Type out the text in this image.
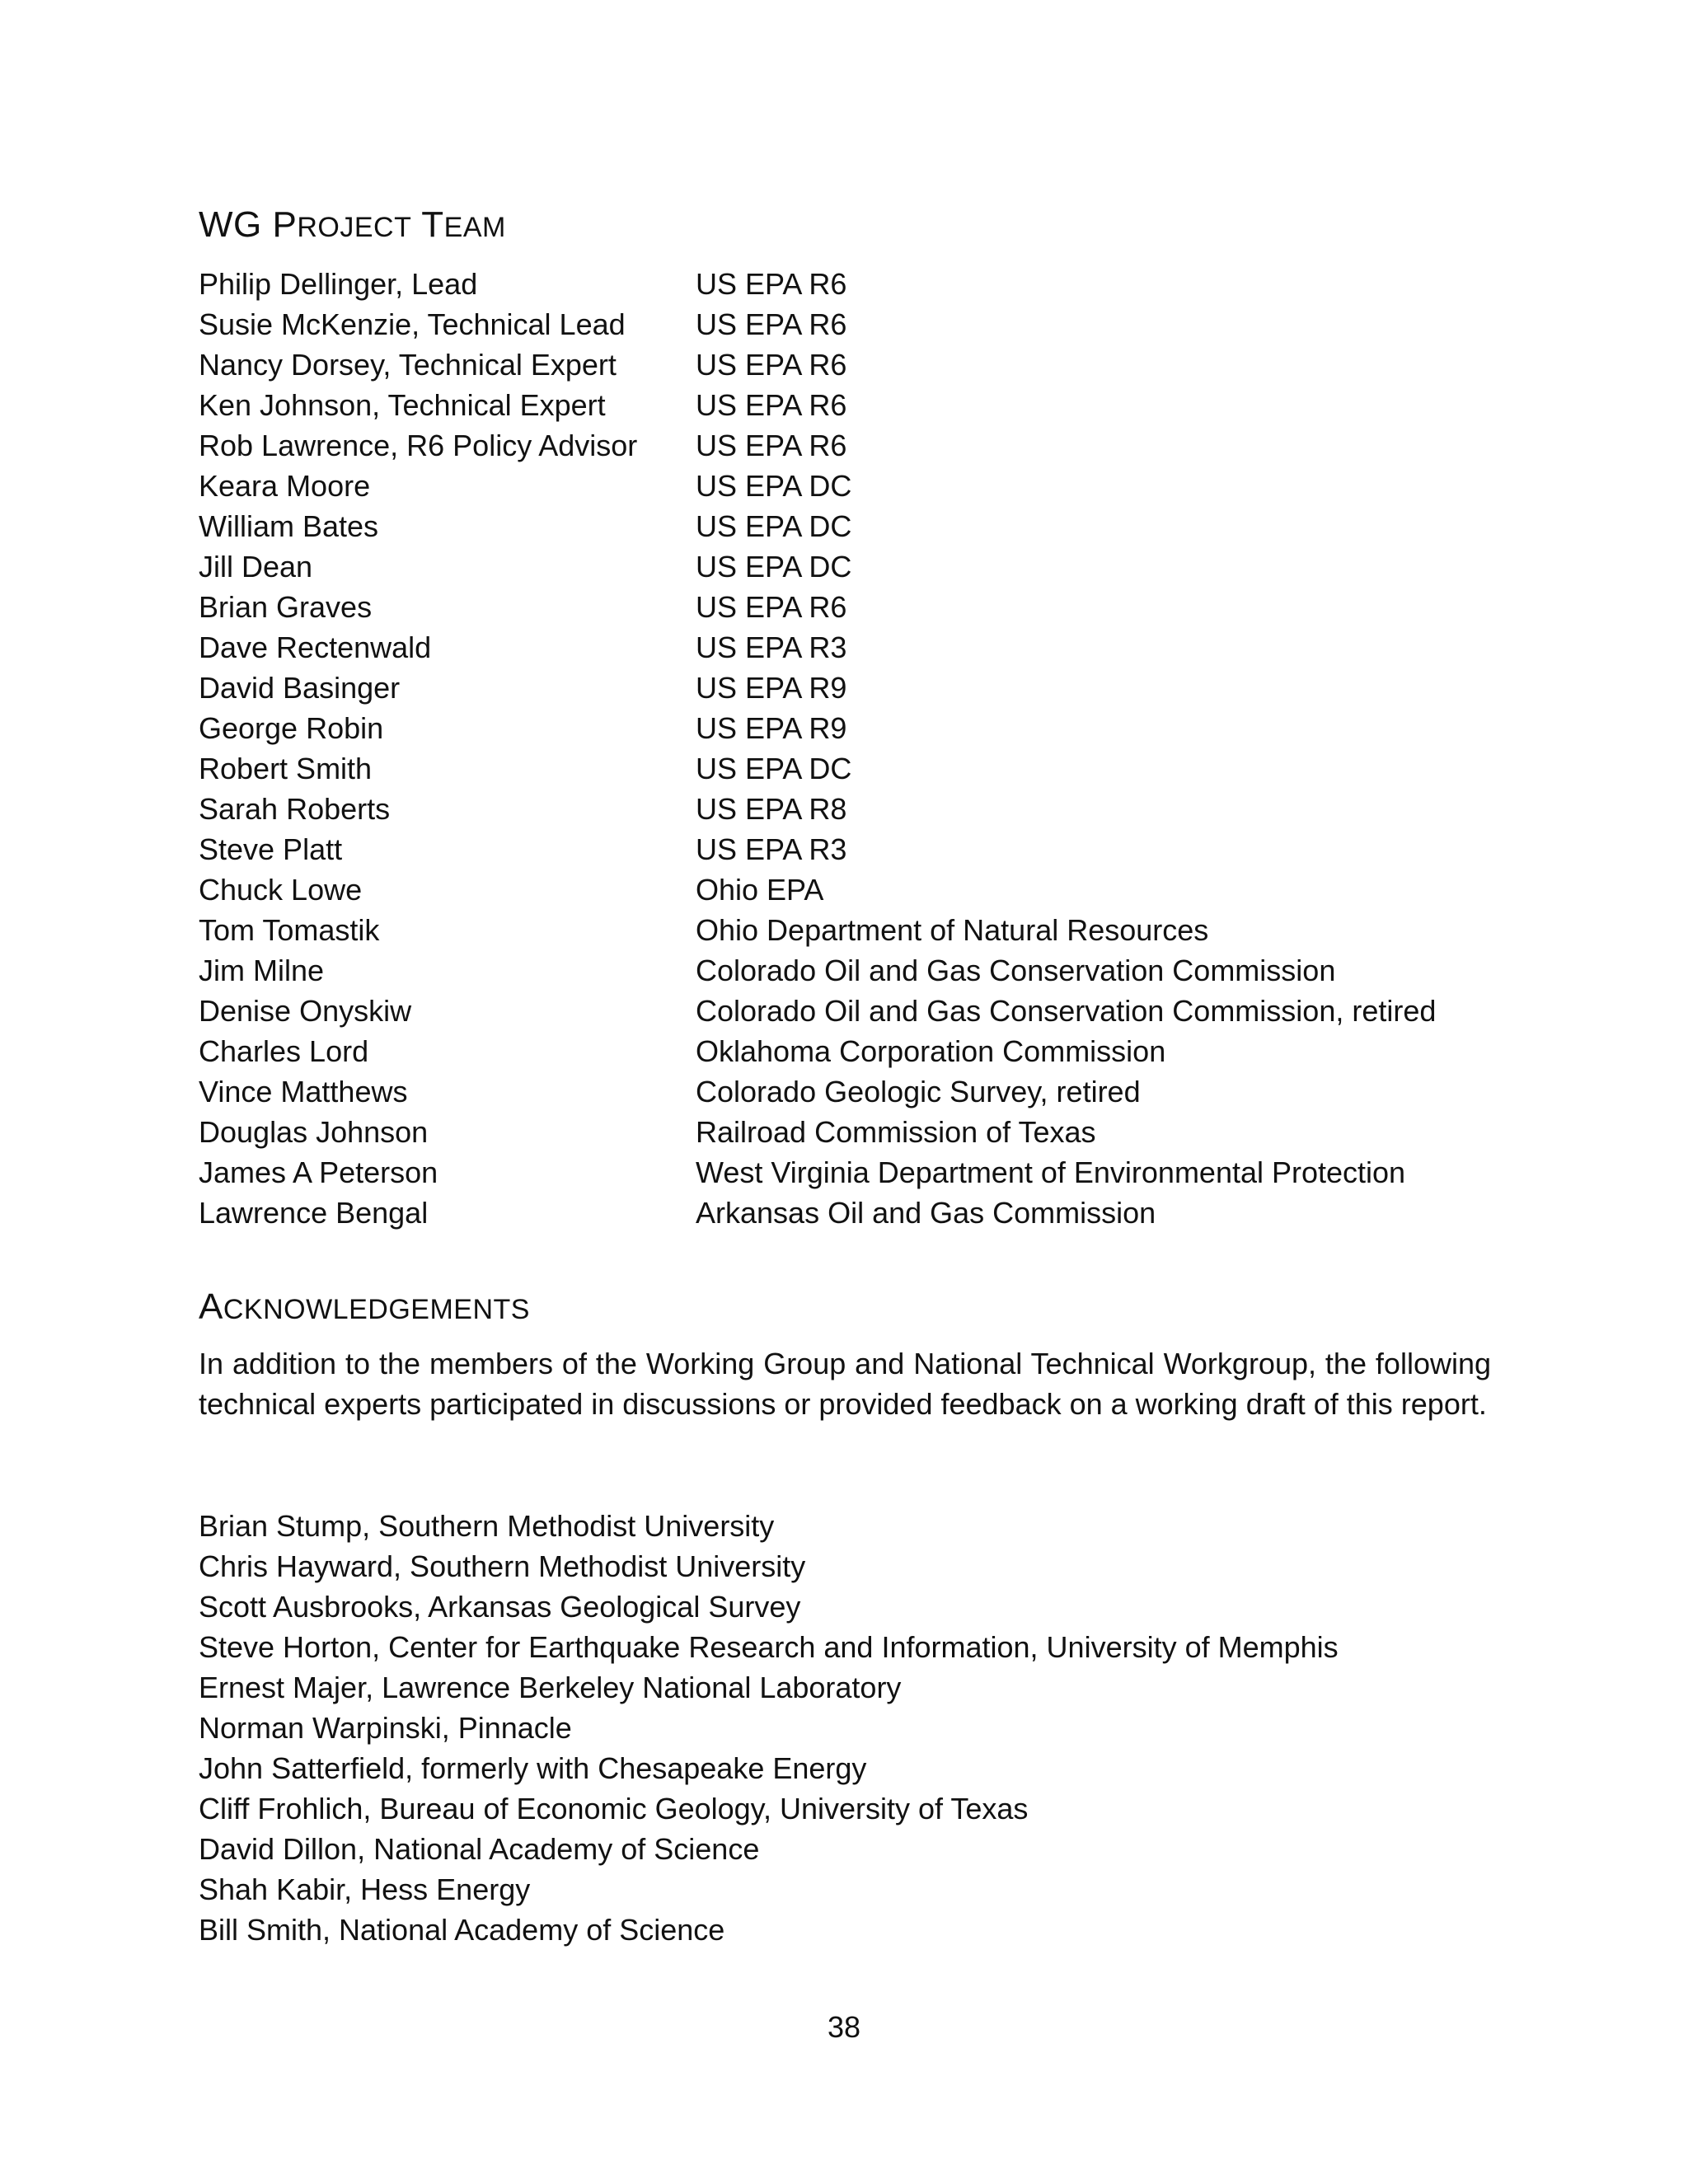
WG PROJECT TEAM
Philip Dellinger, Lead	US EPA R6
Susie McKenzie, Technical Lead	US EPA R6
Nancy Dorsey, Technical Expert	US EPA R6
Ken Johnson, Technical Expert	US EPA R6
Rob Lawrence, R6 Policy Advisor	US EPA R6
Keara Moore	US EPA DC
William Bates	US EPA DC
Jill Dean	US EPA DC
Brian Graves	US EPA R6
Dave Rectenwald	US EPA R3
David Basinger	US EPA R9
George Robin	US EPA R9
Robert Smith	US EPA DC
Sarah Roberts	US EPA R8
Steve Platt	US EPA R3
Chuck Lowe	Ohio EPA
Tom Tomastik	Ohio Department of Natural Resources
Jim Milne	Colorado Oil and Gas Conservation Commission
Denise Onyskiw	Colorado Oil and Gas Conservation Commission, retired
Charles Lord	Oklahoma Corporation Commission
Vince Matthews	Colorado Geologic Survey, retired
Douglas Johnson	Railroad Commission of Texas
James A Peterson	West Virginia Department of Environmental Protection
Lawrence Bengal	Arkansas Oil and Gas Commission
ACKNOWLEDGEMENTS

In addition to the members of the Working Group and National Technical Workgroup, the following technical experts participated in discussions or provided feedback on a working draft of this report.

Brian Stump, Southern Methodist University
Chris Hayward, Southern Methodist University
Scott Ausbrooks, Arkansas Geological Survey
Steve Horton, Center for Earthquake Research and Information, University of Memphis
Ernest Majer, Lawrence Berkeley National Laboratory
Norman Warpinski, Pinnacle
John Satterfield, formerly with Chesapeake Energy
Cliff Frohlich, Bureau of Economic Geology, University of Texas
David Dillon, National Academy of Science
Shah Kabir, Hess Energy
Bill Smith, National Academy of Science
38
